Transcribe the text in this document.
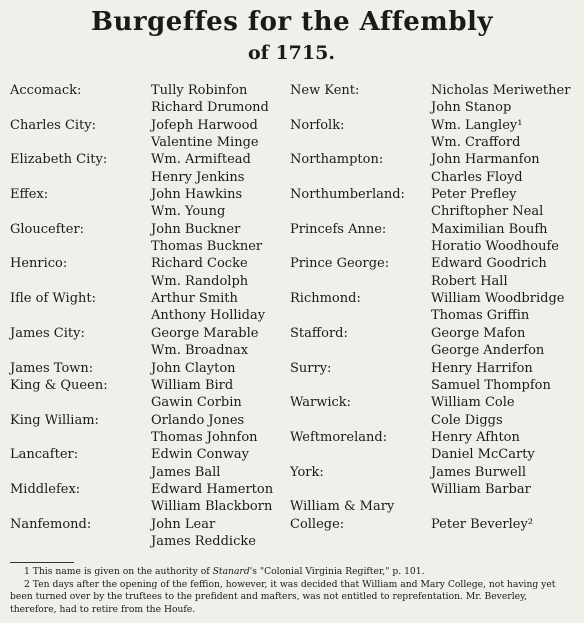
Burgeffes for the Affembly
of 1715.
Accomack:	Tully Robinfon
Richard Drumond
Charles City:	Jofeph Harwood
Valentine Minge
Elizabeth City:	Wm. Armiftead
Henry Jenkins
Effex:	John Hawkins
Wm. Young
Gloucefter:	John Buckner
Thomas Buckner
Henrico:	Richard Cocke
Wm. Randolph
Ifle of Wight:	Arthur Smith
Anthony Holliday
James City:	George Marable
Wm. Broadnax
James Town:	John Clayton
King & Queen:	William Bird
Gawin Corbin
King William:	Orlando Jones
Thomas Johnfon
Lancafter:	Edwin Conway
James Ball
Middlefex:	Edward Hamerton
William Blackborn
Nanfemond:	John Lear
James Reddicke
New Kent:	Nicholas Meriwether
John Stanop
Norfolk:	Wm. Langley¹
Wm. Crafford
Northampton:	John Harmanfon
Charles Floyd
Northumberland: Peter Prefley
Chriftopher Neal
Princefs Anne:	Maximilian Boufh
Horatio Woodhoufe
Prince George:	Edward Goodrich
Robert Hall
Richmond:	William Woodbridge
Thomas Griffin
Stafford:	George Mafon
George Anderfon
Surry:	Henry Harrifon
Samuel Thompfon
Warwick:	William Cole
Cole Diggs
Weftmoreland:	Henry Afhton
Daniel McCarty
York:	James Burwell
William Barbar
William & Mary
College:	Peter Beverley²
1 This name is given on the authority of Stanard's "Colonial Virginia Regifter," p. 101.
2 Ten days after the opening of the feffion, however, it was decided that William and Mary College, not having yet been turned over by the truftees to the prefident and mafters, was not entitled to reprefentation. Mr. Beverley, therefore, had to retire from the Houfe.
